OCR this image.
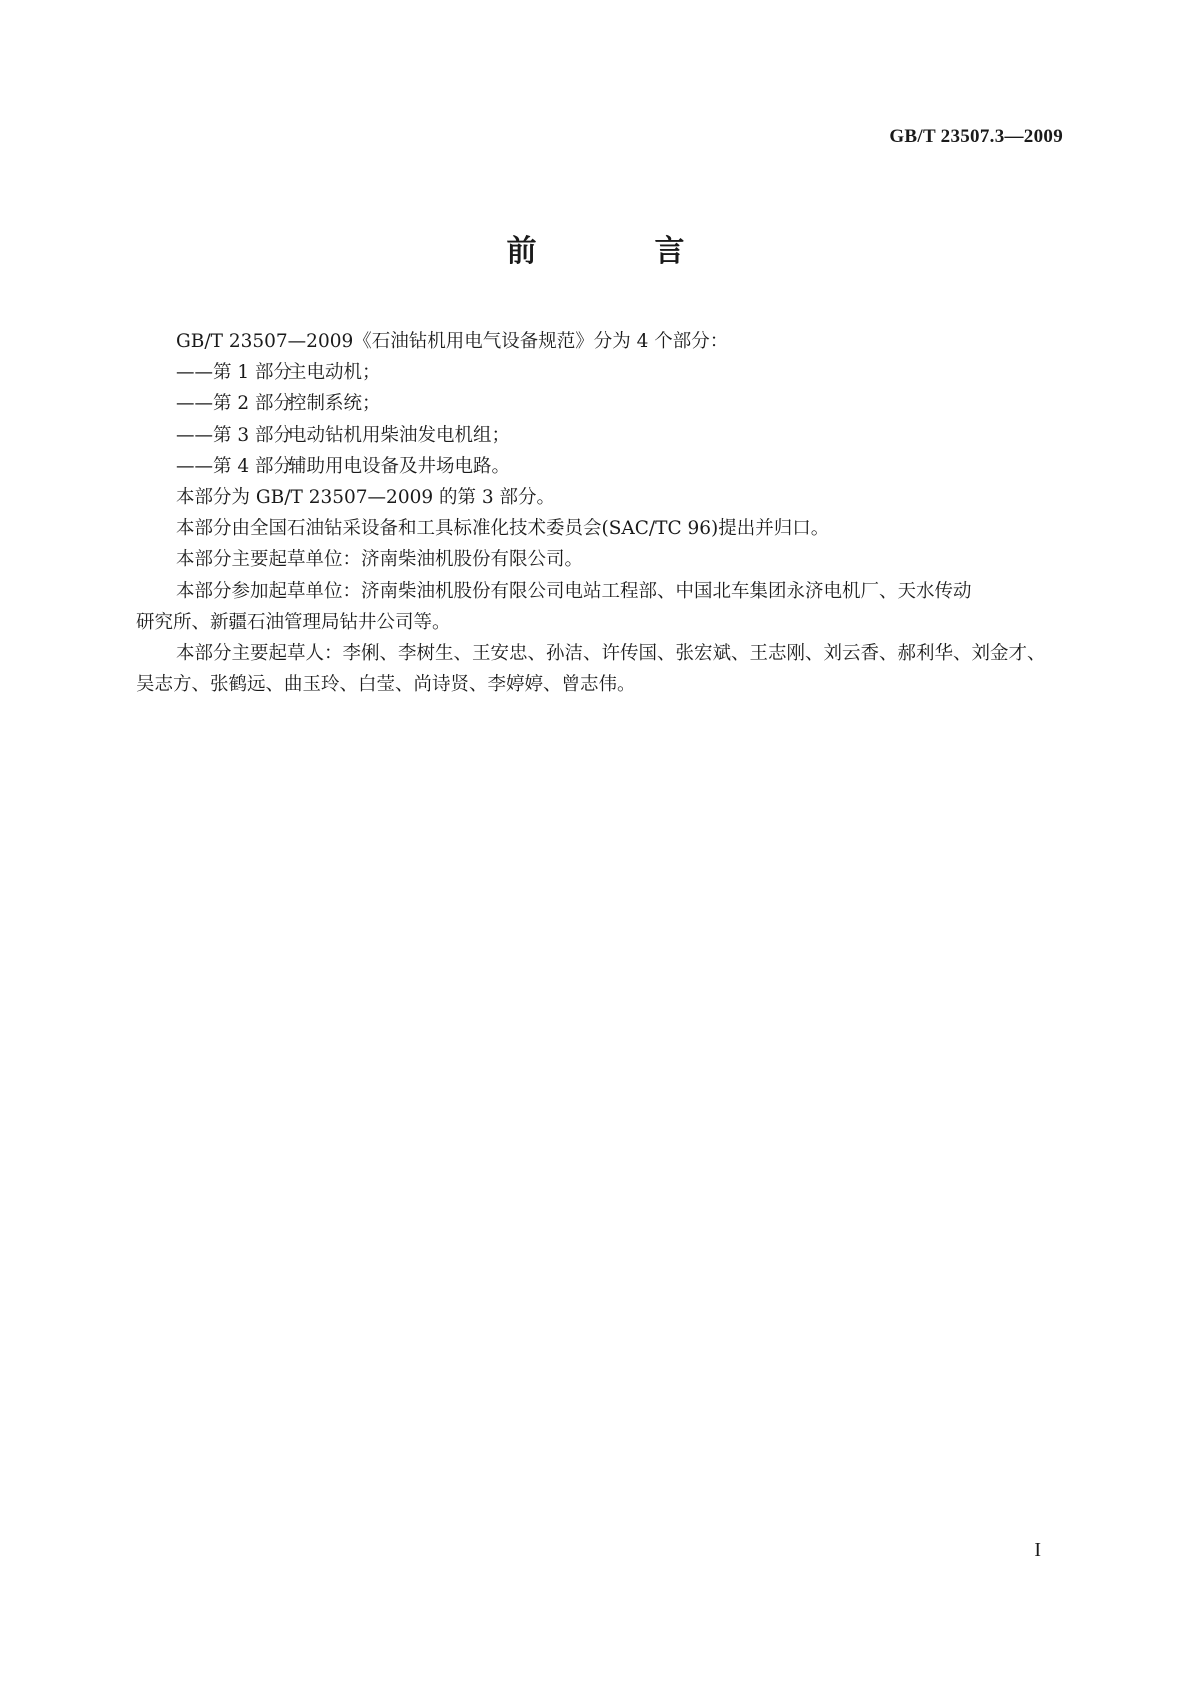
GB/T 23507.3—2009
前　言

GB/T 23507—2009《石油钻机用电气设备规范》分为 4 个部分：

——第 1 部分主电动机；

——第 2 部分控制系统；

——第 3 部分电动钻机用柴油发电机组；

——第 4 部分辅助用电设备及井场电路。

本部分为 GB/T 23507—2009 的第 3 部分。

本部分由全国石油钻采设备和工具标准化技术委员会(SAC/TC 96)提出并归口。

本部分主要起草单位：济南柴油机股份有限公司。

本部分参加起草单位：济南柴油机股份有限公司电站工程部、中国北车集团永济电机厂、天水传动

研究所、新疆石油管理局钻井公司等。

本部分主要起草人：李俐、李树生、王安忠、孙洁、许传国、张宏斌、王志刚、刘云香、郝利华、刘金才、

吴志方、张鹤远、曲玉玲、白莹、尚诗贤、李婷婷、曾志伟。

I
